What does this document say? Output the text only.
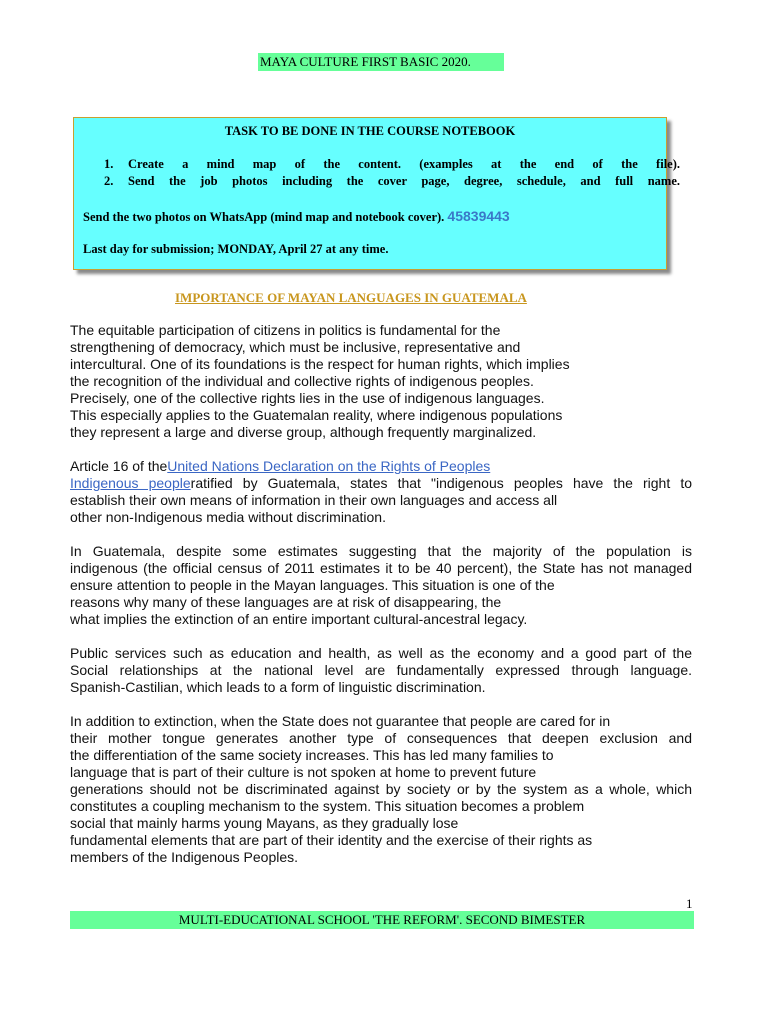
MAYA CULTURE FIRST BASIC 2020.
TASK TO BE DONE IN THE COURSE NOTEBOOK
1.	Create a mind map of the content. (examples at the end of the file).
2.	Send the job photos including the cover page, degree, schedule, and full name.
Send the two photos on WhatsApp (mind map and notebook cover). 45839443
Last day for submission; MONDAY, April 27 at any time.
IMPORTANCE OF MAYAN LANGUAGES IN GUATEMALA
The equitable participation of citizens in politics is fundamental for the
strengthening of democracy, which must be inclusive, representative and
intercultural. One of its foundations is the respect for human rights, which implies
the recognition of the individual and collective rights of indigenous peoples.
Precisely, one of the collective rights lies in the use of indigenous languages.
This especially applies to the Guatemalan reality, where indigenous populations
they represent a large and diverse group, although frequently marginalized.
Article 16 of theUnited Nations Declaration on the Rights of Peoples
Indigenous peopleratified by Guatemala, states that "indigenous peoples have the right to
establish their own means of information in their own languages and access all
other non-Indigenous media without discrimination.
In Guatemala, despite some estimates suggesting that the majority of the population is
indigenous (the official census of 2011 estimates it to be 40 percent), the State has not managed
ensure attention to people in the Mayan languages. This situation is one of the
reasons why many of these languages are at risk of disappearing, the
what implies the extinction of an entire important cultural-ancestral legacy.
Public services such as education and health, as well as the economy and a good part of the
Social relationships at the national level are fundamentally expressed through language.
Spanish-Castilian, which leads to a form of linguistic discrimination.
In addition to extinction, when the State does not guarantee that people are cared for in
their mother tongue generates another type of consequences that deepen exclusion and
the differentiation of the same society increases. This has led many families to
language that is part of their culture is not spoken at home to prevent future
generations should not be discriminated against by society or by the system as a whole, which
constitutes a coupling mechanism to the system. This situation becomes a problem
social that mainly harms young Mayans, as they gradually lose
fundamental elements that are part of their identity and the exercise of their rights as
members of the Indigenous Peoples.
1
MULTI-EDUCATIONAL SCHOOL 'THE REFORM'. SECOND BIMESTER
